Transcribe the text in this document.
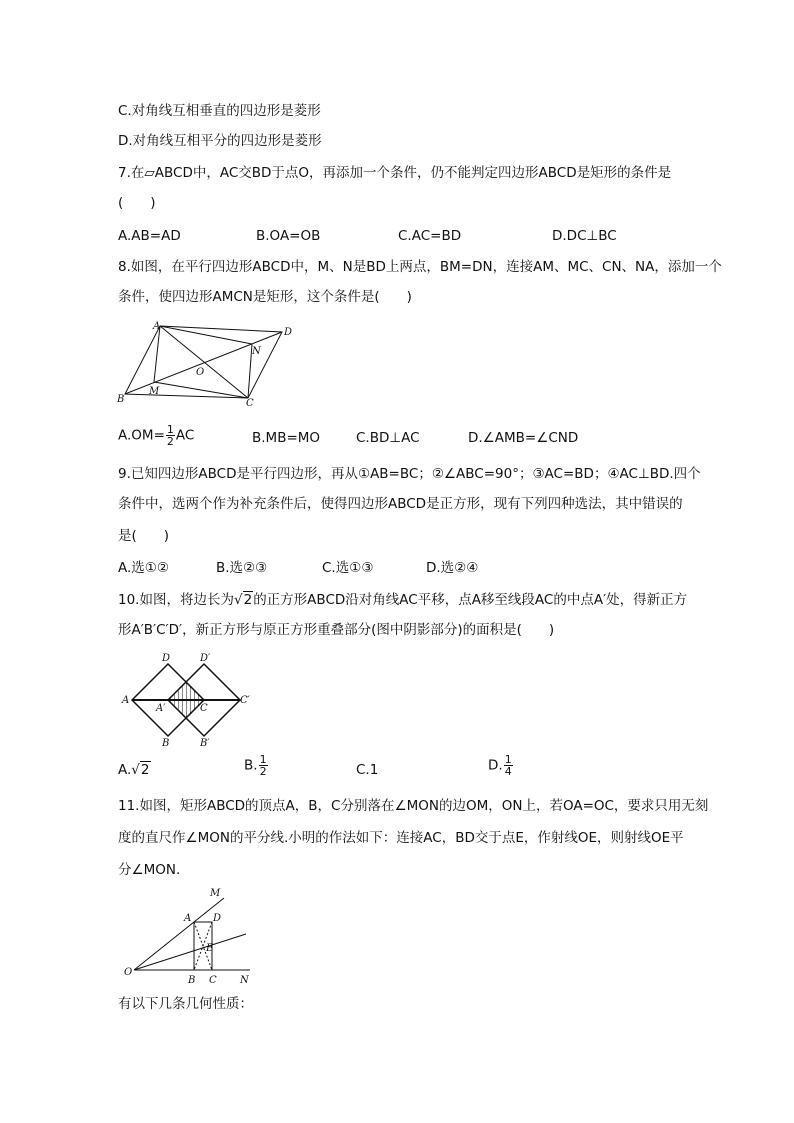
C.对角线互相垂直的四边形是菱形
D.对角线互相平分的四边形是菱形
7.在▱ABCD中，AC交BD于点O，再添加一个条件，仍不能判定四边形ABCD是矩形的条件是
(　　)
A.AB=AD	B.OA=OB	C.AC=BD	D.DC⊥BC
8.如图，在平行四边形ABCD中，M、N是BD上两点，BM=DN，连接AM、MC、CN、NA，添加一个
条件，使四边形AMCN是矩形，这个条件是(　　)
A
D
B	C
M
N
O
$A.OM= \frac{1}{2}$ AC	B.MB=MO	C.BD⊥AC	D.∠AMB=∠CND
9.已知四边形ABCD是平行四边形，再从①AB=BC；②∠ABC=90°；③AC=BD；④AC⊥BD.四个
条件中，选两个作为补充条件后，使得四边形ABCD是正方形，现有下列四种选法，其中错误的
是(　　)
A.选①②	B.选②③	C.选①③	D.选②④
10.如图，将边长为√2的正方形ABCD沿对角线AC平移，点A移至线段AC的中点A′处，得新正方
形A′B′C′D′，新正方形与原正方形重叠部分(图中阴影部分)的面积是(　　)
A
D	D′
A′	C
C′
B	B′
A.√2	B. $\frac{1}{2}$	C.1	D. $\frac{1}{4}$
11.如图，矩形ABCD的顶点A，B，C分别落在∠MON的边OM，ON上，若OA=OC，要求只用无刻
度的直尺作∠MON的平分线.小明的作法如下：连接AC，BD交于点E，作射线OE，则射线OE平
分∠MON.
M
A D
E
O
B C N
有以下几条几何性质：
